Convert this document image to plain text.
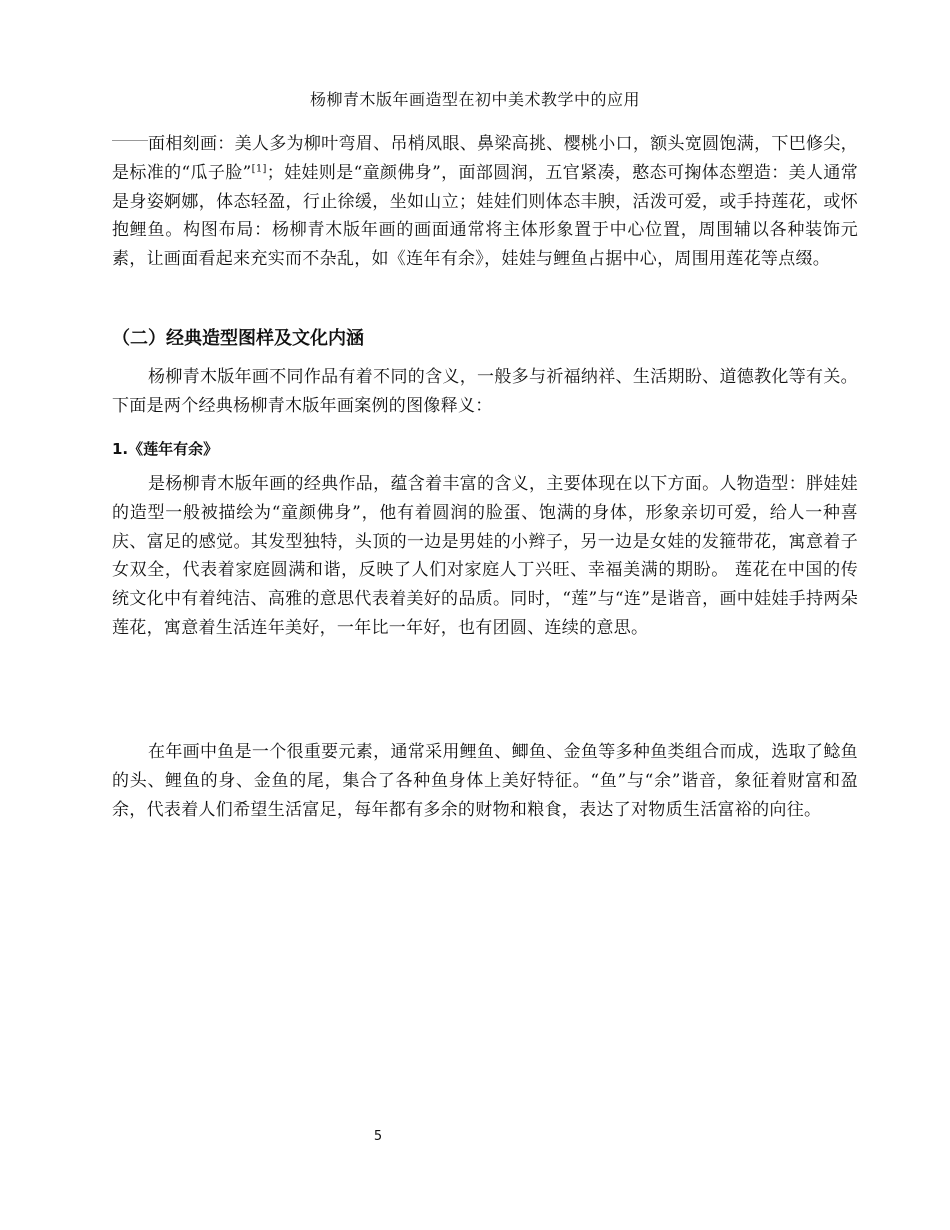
杨柳青木版年画造型在初中美术教学中的应用

面相刻画：美人多为柳叶弯眉、吊梢凤眼、鼻梁高挑、樱桃小口，额头宽圆饱满，下巴修尖，是标准的“瓜子脸”[1]；娃娃则是“童颜佛身”，面部圆润，五官紧凑，憨态可掬体态塑造：美人通常是身姿婀娜，体态轻盈，行止徐缓，坐如山立；娃娃们则体态丰腴，活泼可爱，或手持莲花，或怀抱鲤鱼。构图布局：杨柳青木版年画的画面通常将主体形象置于中心位置，周围辅以各种装饰元素，让画面看起来充实而不杂乱，如《连年有余》，娃娃与鲤鱼占据中心，周围用莲花等点缀。

（二）经典造型图样及文化内涵

杨柳青木版年画不同作品有着不同的含义，一般多与祈福纳祥、生活期盼、道德教化等有关。下面是两个经典杨柳青木版年画案例的图像释义：

1.《莲年有余》

是杨柳青木版年画的经典作品，蕴含着丰富的含义，主要体现在以下方面。人物造型：胖娃娃的造型一般被描绘为“童颜佛身”，他有着圆润的脸蛋、饱满的身体，形象亲切可爱，给人一种喜庆、富足的感觉。其发型独特，头顶的一边是男娃的小辫子，另一边是女娃的发箍带花，寓意着子女双全，代表着家庭圆满和谐，反映了人们对家庭人丁兴旺、幸福美满的期盼。 莲花在中国的传统文化中有着纯洁、高雅的意思代表着美好的品质。同时，“莲”与“连”是谐音，画中娃娃手持两朵莲花，寓意着生活连年美好，一年比一年好，也有团圆、连续的意思。

在年画中鱼是一个很重要元素，通常采用鲤鱼、鲫鱼、金鱼等多种鱼类组合而成，选取了鲶鱼的头、鲤鱼的身、金鱼的尾，集合了各种鱼身体上美好特征。“鱼”与“余”谐音，象征着财富和盈余，代表着人们希望生活富足，每年都有多余的财物和粮食，表达了对物质生活富裕的向往。

5
